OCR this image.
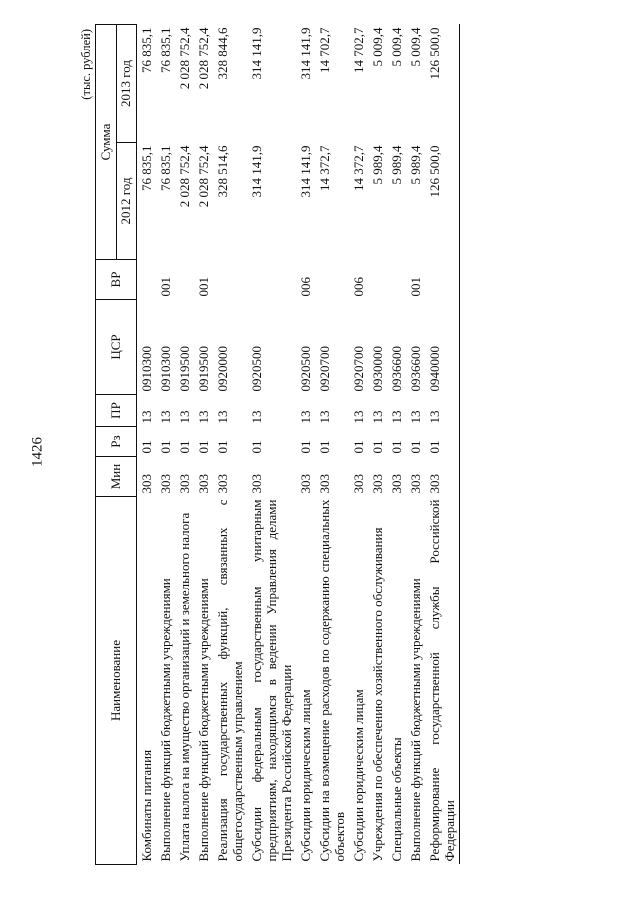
1426
(тыс. рублей)
Наименование	Мин	Рз	ПР	ЦСР	ВР	Сумма	
						2012 год	2013 год
Комбинаты питания	303	01	13	0910300		76 835,1	76 835,1
Выполнение функций бюджетными учреждениями	303	01	13	0910300	001	76 835,1	76 835,1
Уплата налога на имущество организаций и земельного налога	303	01	13	0919500		2 028 752,4	2 028 752,4
Выполнение функций бюджетными учреждениями	303	01	13	0919500	001	2 028 752,4	2 028 752,4
Реализация государственных функций, связанных с общегосударственным управлением	303	01	13	0920000		328 514,6	328 844,6
Субсидии федеральным государственным унитарным предприятиям, находящимся в ведении Управления делами Президента Российской Федерации	303	01	13	0920500		314 141,9	314 141,9
Субсидии юридическим лицам	303	01	13	0920500	006	314 141,9	314 141,9
Субсидии на возмещение расходов по содержанию специальных объектов	303	01	13	0920700		14 372,7	14 702,7
Субсидии юридическим лицам	303	01	13	0920700	006	14 372,7	14 702,7
Учреждения по обеспечению хозяйственного обслуживания	303	01	13	0930000		5 989,4	5 009,4
Специальные объекты	303	01	13	0936600		5 989,4	5 009,4
Выполнение функций бюджетными учреждениями	303	01	13	0936600	001	5 989,4	5 009,4
Реформирование государственной службы Российской Федерации	303	01	13	0940000		126 500,0	126 500,0
